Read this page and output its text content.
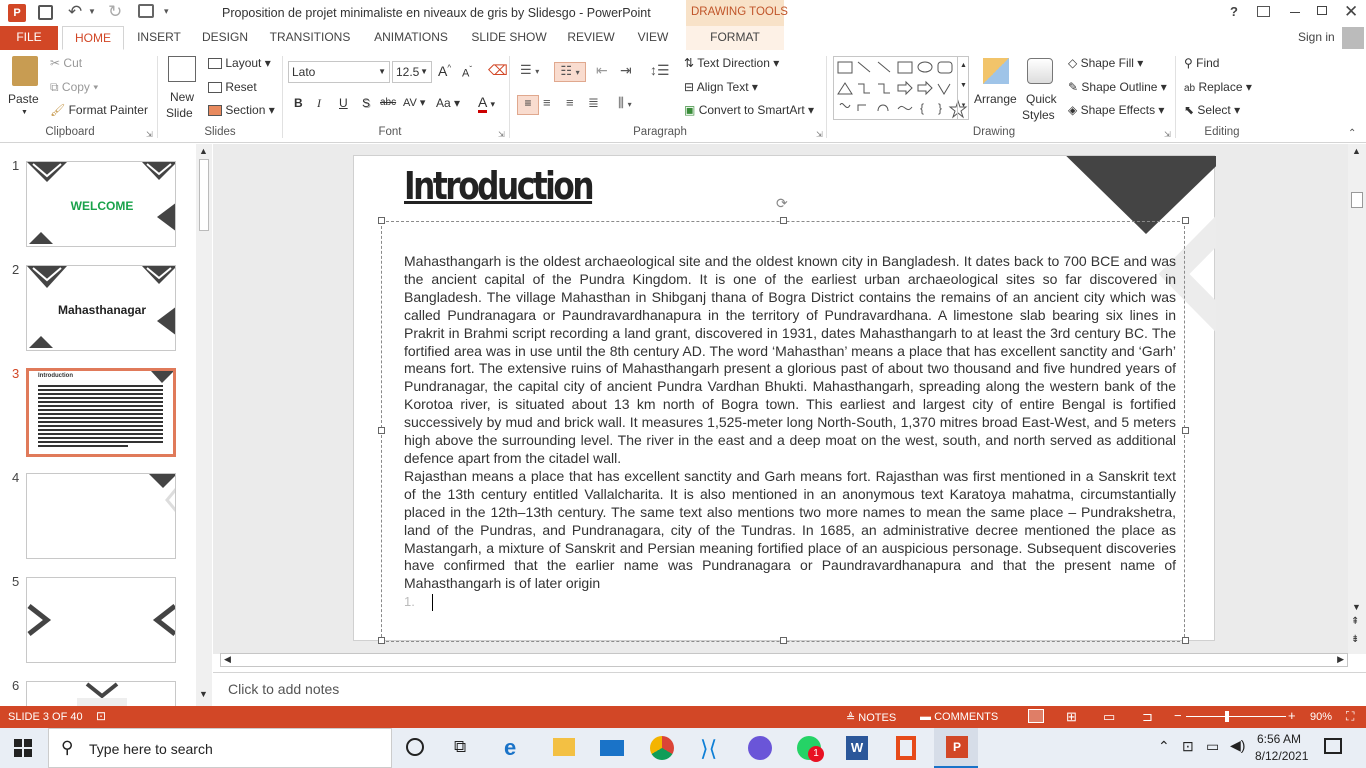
P	↶ ▼ ↻	▾	Proposition de projet minimaliste en niveaux de gris by Slidesgo - PowerPoint	DRAWING TOOLS	?	✕
FILE	HOME	INSERT	DESIGN	TRANSITIONS	ANIMATIONS	SLIDE SHOW	REVIEW	VIEW	FORMAT	Sign in
Paste
▼
✂ Cut
⧉ Copy ▾
🖌 Format Painter
Clipboard	⇲
New
Slide
Layout ▾
Reset
Section ▾
Slides
Lato	▼ 12.5 ▼ A^ $A^ˇ$ ⌫
B I U S abc AV ▾ Aa ▾ A ▾
Font	⇲
☰ ▾	☷ ▾	⇤ ⇥ ↕☰
≡ ≡ ≡ ≣ ⫼ ▾
⇅ Text Direction ▾
⊟ Align Text ▾
▣ Convert to SmartArt ▾
Paragraph	⇲
{ }
▲
▼
▾ Arrange Quick
Styles
◇ Shape Fill ▾
✎ Shape Outline ▾
◈ Shape Effects ▾
Drawing	⇲
⚲ Find
ab Replace ▾
⬉ Select ▾
Editing	⌃
1
WELCOME
2
Mahasthanagar
3	Introduction
4
5
6
▲
▼
Introduction	⟳

Mahasthangarh is the oldest archaeological site and the oldest known city in Bangladesh. It dates back to 700 BCE and was the ancient capital of the Pundra Kingdom. It is one of the earliest urban archaeological sites so far discovered in Bangladesh. The village Mahasthan in Shibganj thana of Bogra District contains the remains of an ancient city which was called Pundranagara or Paundravardhanapura in the territory of Pundravardhana. A limestone slab bearing six lines in Prakrit in Brahmi script recording a land grant, discovered in 1931, dates Mahasthangarh to at least the 3rd century BC. The fortified area was in use until the 8th century AD. The word ‘Mahasthan’ means a place that has excellent sanctity and ‘Garh’ means fort. The extensive ruins of Mahasthangarh present a glorious past of about two thousand and five hundred years of Pundranagar, the capital city of ancient Pundra Vardhan Bhukti. Mahasthangarh, spreading along the western bank of the Korotoa river, is situated about 13 km north of Bogra town. This earliest and largest city of entire Bengal is fortified successively by mud and brick wall. It measures 1,525-meter long North-South, 1,370 mitres broad East-West, and 5 meters high above the surrounding level. The river in the east and a deep moat on the west, south, and north served as additional defence apart from the citadel wall.

Rajasthan means a place that has excellent sanctity and Garh means fort. Rajasthan was first mentioned in a Sanskrit text of the 13th century entitled Vallalcharita. It is also mentioned in an anonymous text Karatoya mahatma, circumstantially placed in the 12th–13th century. The same text also mentions two more names to mean the same place – Pundrakshetra, land of the Pundras, and Pundranagara, city of the Tundras. In 1685, an administrative decree mentioned the place as Mastangarh, a mixture of Sanskrit and Persian meaning fortified place of an auspicious personage. Subsequent discoveries have confirmed that the earlier name was Pundranagara or Paundravardhanapura and that the present name of Mahasthangarh is of later origin

1.
▲
▼
⇞
⇟
◀	▶
Click to add notes
SLIDE 3 OF 40 ⊡	≜ NOTES ▬ COMMENTS	⊞ ▭ ⊐ −	+ 90% ⛶
⚲ Type here to search	⧉ e	⟩⟨	1	W	P	⌃ ⊡ ▭ ◀) 6:56 AM
8/12/2021
